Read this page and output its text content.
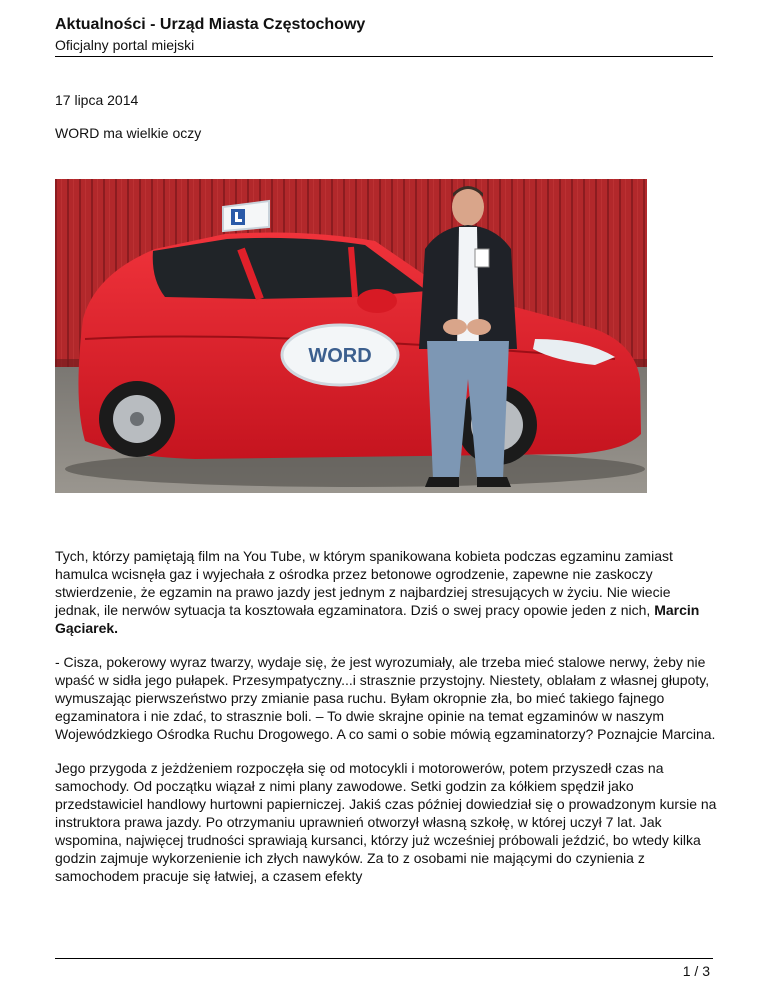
Aktualności - Urząd Miasta Częstochowy
Oficjalny portal miejski
17 lipca 2014
WORD ma wielkie oczy
WORD

Tych, którzy pamiętają film na You Tube, w którym spanikowana kobieta podczas egzaminu zamiast hamulca wcisnęła gaz i wyjechała z ośrodka przez betonowe ogrodzenie, zapewne nie zaskoczy stwierdzenie, że egzamin na prawo jazdy jest jednym z najbardziej stresujących w życiu. Nie wiecie jednak, ile nerwów sytuacja ta kosztowała egzaminatora. Dziś o swej pracy opowie jeden z nich, Marcin Gąciarek.

- Cisza, pokerowy wyraz twarzy, wydaje się, że jest wyrozumiały, ale trzeba mieć stalowe nerwy, żeby nie wpaść w sidła jego pułapek. Przesympatyczny...i strasznie przystojny. Niestety, oblałam z własnej głupoty, wymuszając pierwszeństwo przy zmianie pasa ruchu. Byłam okropnie zła, bo mieć takiego fajnego egzaminatora i nie zdać, to strasznie boli. – To dwie skrajne opinie na temat egzaminów w naszym Wojewódzkiego Ośrodka Ruchu Drogowego. A co sami o sobie mówią egzaminatorzy? Poznajcie Marcina.

Jego przygoda z jeżdżeniem rozpoczęła się od motocykli i motorowerów, potem przyszedł czas na samochody. Od początku wiązał z nimi plany zawodowe. Setki godzin za kółkiem spędził jako przedstawiciel handlowy hurtowni papierniczej. Jakiś czas później dowiedział się o prowadzonym kursie na instruktora prawa jazdy. Po otrzymaniu uprawnień otworzył własną szkołę, w której uczył 7 lat. Jak wspomina, najwięcej trudności sprawiają kursanci, którzy już wcześniej próbowali jeździć, bo wtedy kilka godzin zajmuje wykorzenienie ich złych nawyków. Za to z osobami nie mającymi do czynienia z samochodem pracuje się łatwiej, a czasem efekty

1 / 3
